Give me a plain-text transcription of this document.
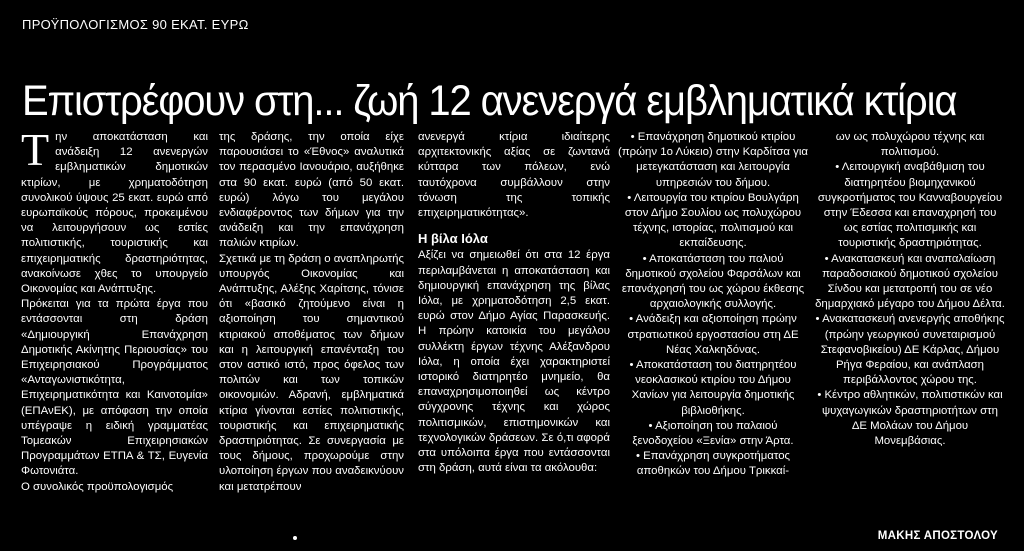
ΠΡΟΫΠΟΛΟΓΙΣΜΟΣ 90 ΕΚΑΤ. ΕΥΡΩ
Επιστρέφουν στη... ζωή 12 ανενεργά εμβληματικά κτίρια
Τ ην αποκατάσταση και ανάδειξη 12 ανενεργών εμβληματικών δημοτικών κτιρίων, με χρηματοδότηση συνολικού ύψους 25 εκατ. ευρώ από ευρωπαϊκούς πόρους, προκειμένου να λειτουργήσουν ως εστίες πολιτιστικής, τουριστικής και επιχειρηματικής δραστηριότητας, ανακοίνωσε χθες το υπουργείο Οικονομίας και Ανάπτυξης.

Πρόκειται για τα πρώτα έργα που εντάσσονται στη δράση «Δημιουργική Επανάχρηση Δημοτικής Ακίνητης Περιουσίας» του Επιχειρησιακού Προγράμματος «Ανταγωνιστικότητα, Επιχειρηματικότητα και Καινοτομία» (ΕΠΑνΕΚ), με απόφαση την οποία υπέγραψε η ειδική γραμματέας Τομεακών Επιχειρησιακών Προγραμμάτων ΕΤΠΑ & ΤΣ, Ευγενία Φωτονιάτα.

Ο συνολικός προϋπολογισμός

της δράσης, την οποία είχε παρουσιάσει το «Έθνος» αναλυτικά τον περασμένο Ιανουάριο, αυξήθηκε στα 90 εκατ. ευρώ (από 50 εκατ. ευρώ) λόγω του μεγάλου ενδιαφέροντος των δήμων για την ανάδειξη και την επανάχρηση παλιών κτιρίων.

Σχετικά με τη δράση ο αναπληρωτής υπουργός Οικονομίας και Ανάπτυξης, Αλέξης Χαρίτσης, τόνισε ότι «βασικό ζητούμενο είναι η αξιοποίηση του σημαντικού κτιριακού αποθέματος των δήμων και η λειτουργική επανένταξη του στον αστικό ιστό, προς όφελος των πολιτών και των τοπικών οικονομιών. Αδρανή, εμβληματικά κτίρια γίνονται εστίες πολιτιστικής, τουριστικής και επιχειρηματικής δραστηριότητας. Σε συνεργασία με τους δήμους, προχωρούμε στην υλοποίηση έργων που αναδεικνύουν και μετατρέπουν

ανενεργά κτίρια ιδιαίτερης αρχιτεκτονικής αξίας σε ζωντανά κύτταρα των πόλεων, ενώ ταυτόχρονα συμβάλλουν στην τόνωση της τοπικής επιχειρηματικότητας».

Η βίλα Ιόλα

Αξίζει να σημειωθεί ότι στα 12 έργα περιλαμβάνεται η αποκατάσταση και δημιουργική επανάχρηση της βίλας Ιόλα, με χρηματοδότηση 2,5 εκατ. ευρώ στον Δήμο Αγίας Παρασκευής. Η πρώην κατοικία του μεγάλου συλλέκτη έργων τέχνης Αλέξανδρου Ιόλα, η οποία έχει χαρακτηριστεί ιστορικό διατηρητέο μνημείο, θα επαναχρησιμοποιηθεί ως κέντρο σύγχρονης τέχνης και χώρος πολιτισμικών, επιστημονικών και τεχνολογικών δράσεων. Σε ό,τι αφορά στα υπόλοιπα έργα που εντάσσονται στη δράση, αυτά είναι τα ακόλουθα:

• Επανάχρηση δημοτικού κτιρίου (πρώην 1ο Λύκειο) στην Καρδίτσα για μετεγκατάσταση και λειτουργία υπηρεσιών του δήμου.

• Λειτουργία του κτιρίου Βουλγάρη στον Δήμο Σουλίου ως πολυχώρου τέχνης, ιστορίας, πολιτισμού και εκπαίδευσης.

• Αποκατάσταση του παλιού δημοτικού σχολείου Φαρσάλων και επανάχρησή του ως χώρου έκθεσης αρχαιολογικής συλλογής.

• Ανάδειξη και αξιοποίηση πρώην στρατιωτικού εργοστασίου στη ΔΕ Νέας Χαλκηδόνας.

• Αποκατάσταση του διατηρητέου νεοκλασικού κτιρίου του Δήμου Χανίων για λειτουργία δημοτικής βιβλιοθήκης.

• Αξιοποίηση του παλαιού ξενοδοχείου «Ξενία» στην Άρτα.

• Επανάχρηση συγκροτήματος αποθηκών του Δήμου Τρικκαί-

ων ως πολυχώρου τέχνης και πολιτισμού.

• Λειτουργική αναβάθμιση του διατηρητέου βιομηχανικού συγκροτήματος του Κανναβουργείου στην Έδεσσα και επαναχρησή του ως εστίας πολιτισμικής και τουριστικής δραστηριότητας.

• Ανακατασκευή και αναπαλαίωση παραδοσιακού δημοτικού σχολείου Σίνδου και μετατροπή του σε νέο δημαρχιακό μέγαρο του Δήμου Δέλτα.

• Ανακατασκευή ανενεργής αποθήκης (πρώην γεωργικού συνεταιρισμού Στεφανοβικείου) ΔΕ Κάρλας, Δήμου Ρήγα Φεραίου, και ανάπλαση περιβάλλοντος χώρου της.

• Κέντρο αθλητικών, πολιτιστικών και ψυχαγωγικών δραστηριοτήτων στη ΔΕ Μολάων του Δήμου Μονεμβάσιας.

ΜΑΚΗΣ ΑΠΟΣΤΟΛΟΥ
